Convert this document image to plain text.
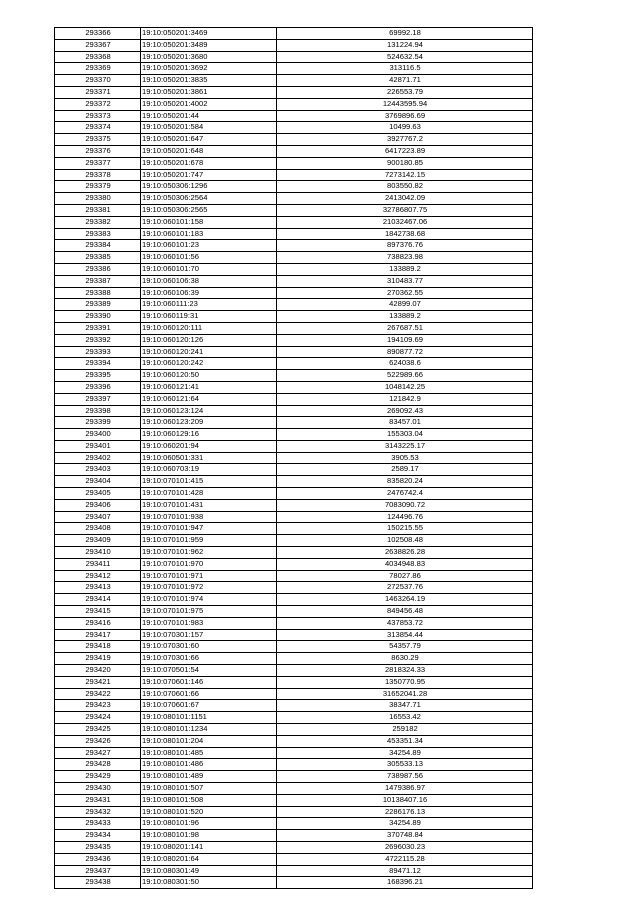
293366	19:10:050201:3469	69992.18
293367	19:10:050201:3489	131224.94
293368	19:10:050201:3680	524632.54
293369	19:10:050201:3692	313116.5
293370	19:10:050201:3835	42871.71
293371	19:10:050201:3861	226553.79
293372	19:10:050201:4002	12443595.94
293373	19:10:050201:44	3769896.69
293374	19:10:050201:584	10499.63
293375	19:10:050201:647	3927767.2
293376	19:10:050201:648	6417223.89
293377	19:10:050201:678	900180.85
293378	19:10:050201:747	7273142.15
293379	19:10:050306:1296	803550.82
293380	19:10:050306:2564	2413042.09
293381	19:10:050306:2565	32786807.75
293382	19:10:060101:158	21032467.06
293383	19:10:060101:183	1842738.68
293384	19:10:060101:23	897376.76
293385	19:10:060101:56	738823.98
293386	19:10:060101:70	133889.2
293387	19:10:060106:38	310483.77
293388	19:10:060106:39	270362.55
293389	19:10:060111:23	42899.07
293390	19:10:060119:31	133889.2
293391	19:10:060120:111	267687.51
293392	19:10:060120:126	194109.69
293393	19:10:060120:241	890877.72
293394	19:10:060120:242	624038.6
293395	19:10:060120:50	522989.66
293396	19:10:060121:41	1048142.25
293397	19:10:060121:64	121842.9
293398	19:10:060123:124	269092.43
293399	19:10:060123:209	83457.01
293400	19:10:060129:16	155303.04
293401	19:10:060201:94	3143225.17
293402	19:10:060501:331	3905.53
293403	19:10:060703:19	2589.17
293404	19:10:070101:415	835820.24
293405	19:10:070101:428	2476742.4
293406	19:10:070101:431	7083090.72
293407	19:10:070101:938	124496.76
293408	19:10:070101:947	150215.55
293409	19:10:070101:959	102508.48
293410	19:10:070101:962	2638826.28
293411	19:10:070101:970	4034948.83
293412	19:10:070101:971	78027.86
293413	19:10:070101:972	272537.76
293414	19:10:070101:974	1463264.19
293415	19:10:070101:975	849456.48
293416	19:10:070101:983	437853.72
293417	19:10:070301:157	313854.44
293418	19:10:070301:60	54357.79
293419	19:10:070301:66	8630.29
293420	19:10:070501:54	2818324.33
293421	19:10:070601:146	1350770.95
293422	19:10:070601:66	31652041.28
293423	19:10:070601:67	38347.71
293424	19:10:080101:1151	16553.42
293425	19:10:080101:1234	259182
293426	19:10:080101:204	453351.34
293427	19:10:080101:485	34254.89
293428	19:10:080101:486	305533.13
293429	19:10:080101:489	738987.56
293430	19:10:080101:507	1479386.97
293431	19:10:080101:508	10138407.16
293432	19:10:080101:520	2286176.13
293433	19:10:080101:96	34254.89
293434	19:10:080101:98	370748.84
293435	19:10:080201:141	2696030.23
293436	19:10:080201:64	4722115.28
293437	19:10:080301:49	89471.12
293438	19:10:080301:50	168396.21
